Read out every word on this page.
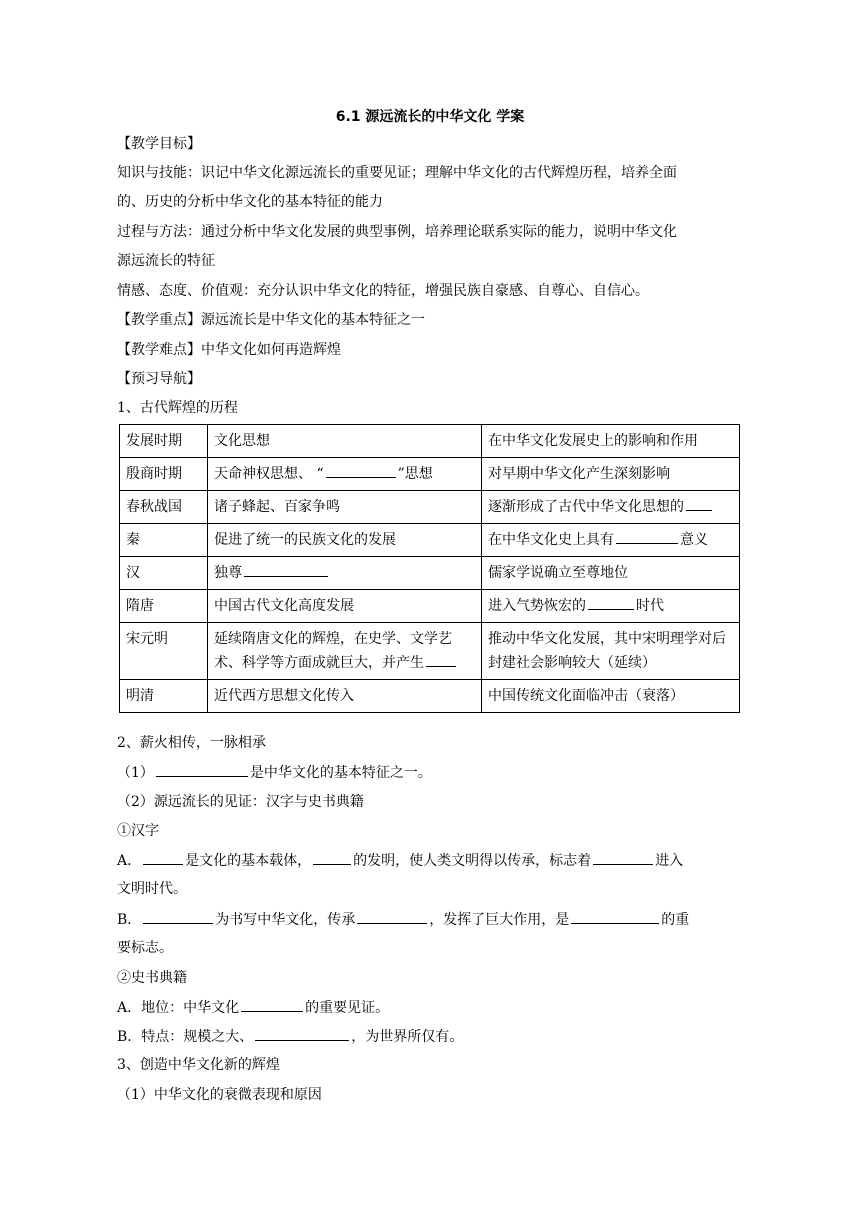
6.1 源远流长的中华文化 学案
【教学目标】
知识与技能：识记中华文化源远流长的重要见证；理解中华文化的古代辉煌历程，培养全面
的、历史的分析中华文化的基本特征的能力
过程与方法：通过分析中华文化发展的典型事例，培养理论联系实际的能力，说明中华文化
源远流长的特征
情感、态度、价值观：充分认识中华文化的特征，增强民族自豪感、自尊心、自信心。
【教学重点】源远流长是中华文化的基本特征之一
【教学难点】中华文化如何再造辉煌
【预习导航】
1、古代辉煌的历程
发展时期	文化思想	在中华文化发展史上的影响和作用
殷商时期	天命神权思想、 “ ”思想	对早期中华文化产生深刻影响
春秋战国	诸子蜂起、百家争鸣	逐渐形成了古代中华文化思想的
秦	促进了统一的民族文化的发展	在中华文化史上具有 意义
汉	独尊	儒家学说确立至尊地位
隋唐	中国古代文化高度发展	进入气势恢宏的 时代
宋元明	延续隋唐文化的辉煌，在史学、文学艺术、科学等方面成就巨大，并产生	推动中华文化发展，其中宋明理学对后封建社会影响较大（延续）
明清	近代西方思想文化传入	中国传统文化面临冲击（衰落）
2、薪火相传，一脉相承
（1）	是中华文化的基本特征之一。
（2）源远流长的见证：汉字与史书典籍
①汉字
A．	是文化的基本载体，	的发明，使人类文明得以传承，标志着	进入
文明时代。
B．	为书写中华文化，传承	，发挥了巨大作用，是	的重
要标志。
②史书典籍
A．地位：中华文化	的重要见证。
B．特点：规模之大、	，为世界所仅有。
3、创造中华文化新的辉煌
（1）中华文化的衰微表现和原因
